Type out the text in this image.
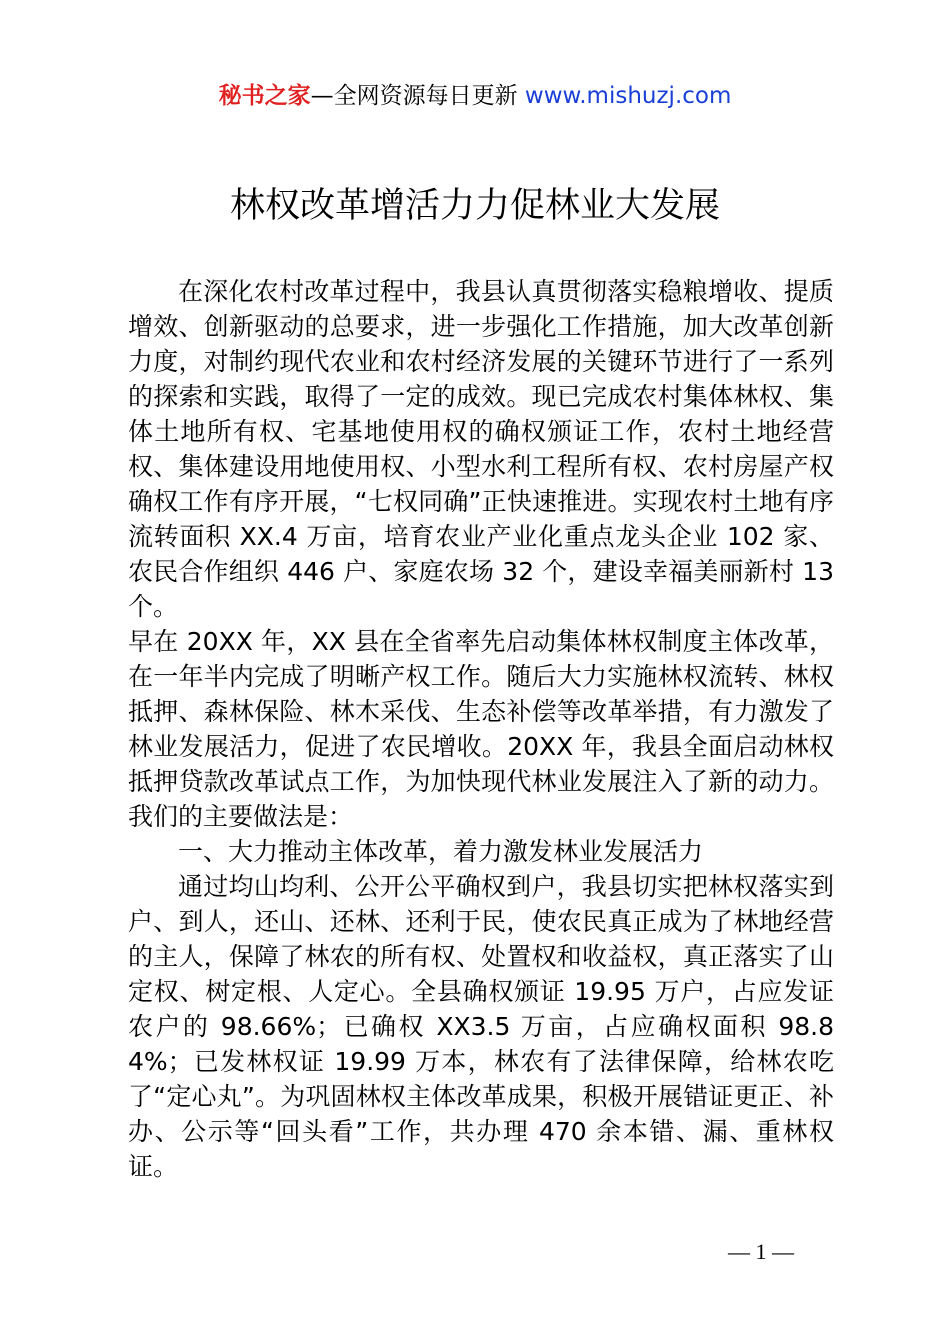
秘书之家—全网资源每日更新 www.mishuzj.com
林权改革增活力力促林业大发展

在深化农村改革过程中，我县认真贯彻落实稳粮增收、提质增效、创新驱动的总要求，进一步强化工作措施，加大改革创新力度，对制约现代农业和农村经济发展的关键环节进行了一系列的探索和实践，取得了一定的成效。现已完成农村集体林权、集体土地所有权、宅基地使用权的确权颁证工作，农村土地经营权、集体建设用地使用权、小型水利工程所有权、农村房屋产权确权工作有序开展，“七权同确”正快速推进。实现农村土地有序流转面积 XX.4 万亩，培育农业产业化重点龙头企业 102 家、农民合作组织 446 户、家庭农场 32 个，建设幸福美丽新村 13 个。

早在 20XX 年，XX 县在全省率先启动集体林权制度主体改革，在一年半内完成了明晰产权工作。随后大力实施林权流转、林权抵押、森林保险、林木采伐、生态补偿等改革举措，有力激发了林业发展活力，促进了农民增收。20XX 年，我县全面启动林权抵押贷款改革试点工作，为加快现代林业发展注入了新的动力。我们的主要做法是：

一、大力推动主体改革，着力激发林业发展活力

通过均山均利、公开公平确权到户，我县切实把林权落实到户、到人，还山、还林、还利于民，使农民真正成为了林地经营的主人，保障了林农的所有权、处置权和收益权，真正落实了山定权、树定根、人定心。全县确权颁证 19.95 万户，占应发证农户的 98.66%；已确权 XX3.5 万亩，占应确权面积 98.84%；已发林权证 19.99 万本，林农有了法律保障，给林农吃了“定心丸”。为巩固林权主体改革成果，积极开展错证更正、补办、公示等“回头看”工作，共办理 470 余本错、漏、重林权证。

— 1 —
